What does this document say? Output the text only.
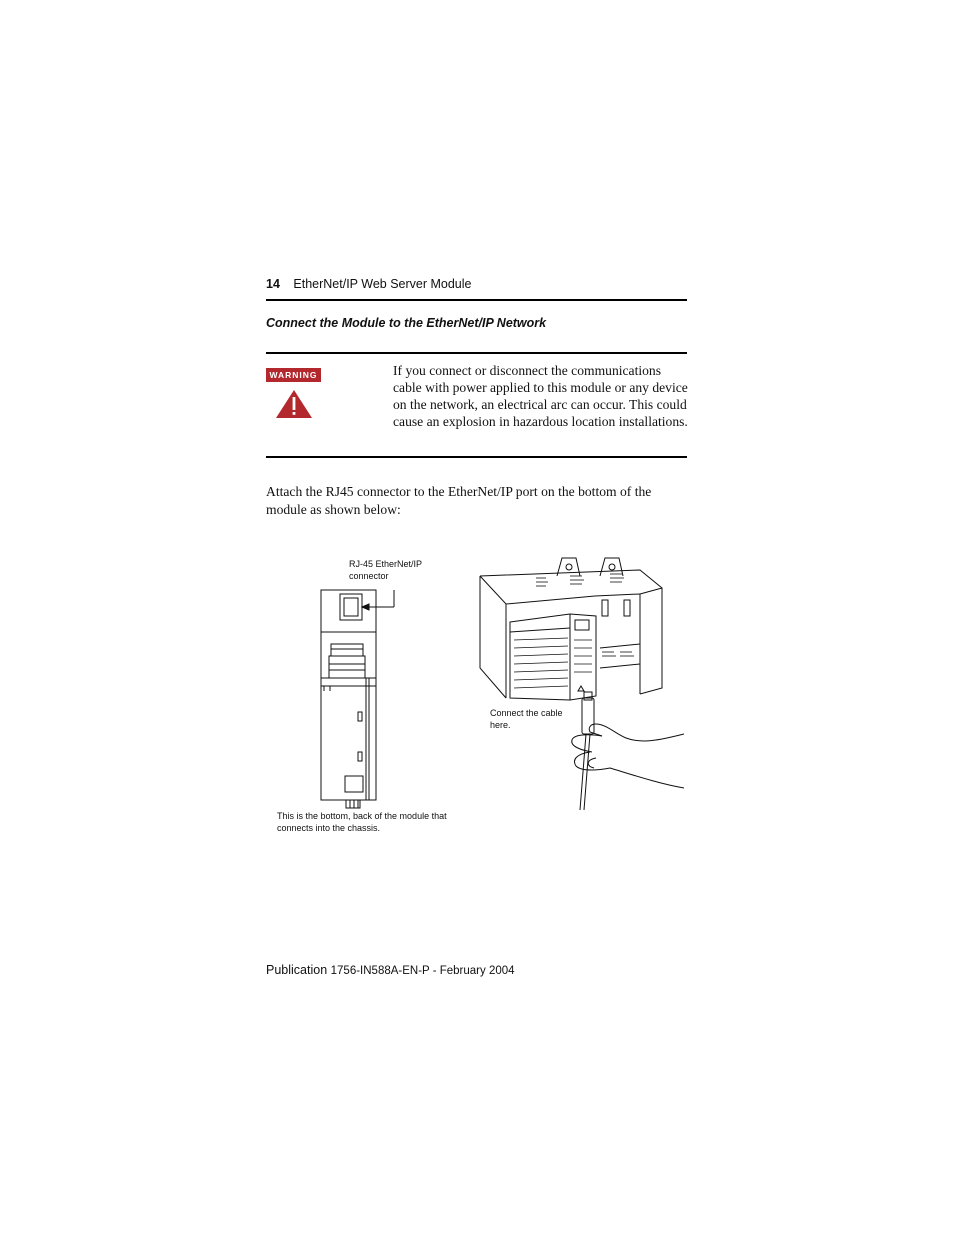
14 EtherNet/IP Web Server Module
Connect the Module to the EtherNet/IP Network
WARNING	If you connect or disconnect the communications cable with power applied to this module or any device on the network, an electrical arc can occur. This could cause an explosion in hazardous location installations.
Attach the RJ45 connector to the EtherNet/IP port on the bottom of the module as shown below:
RJ-45 EtherNet/IP connector
Connect the cable here.
This is the bottom, back of the module that connects into the chassis.
Publication 1756-IN588A-EN-P - February 2004
